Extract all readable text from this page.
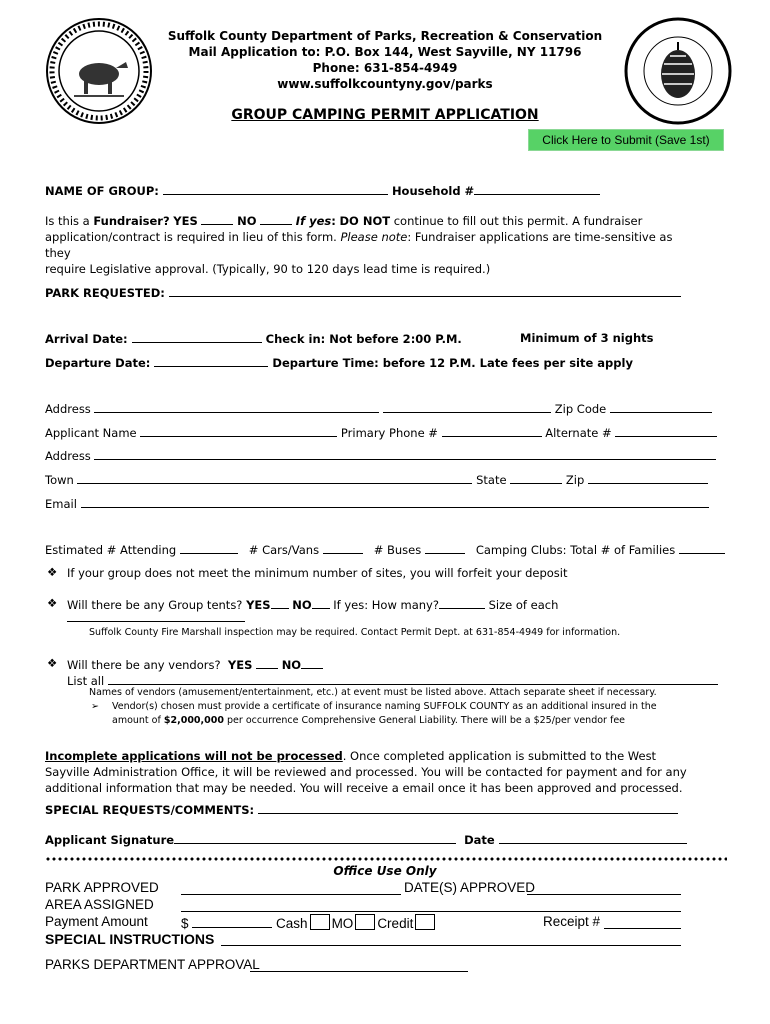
Suffolk County Department of Parks, Recreation & Conservation
Mail Application to: P.O. Box 144, West Sayville, NY 11796
Phone: 631-854-4949
www.suffolkcountyny.gov/parks
GROUP CAMPING PERMIT APPLICATION
Click Here to Submit (Save 1st)
NAME OF GROUP:	Household #
Is this a Fundraiser? YES	NO	If yes: DO NOT continue to fill out this permit. A fundraiser
application/contract is required in lieu of this form. Please note: Fundraiser applications are time-sensitive as they
require Legislative approval. (Typically, 90 to 120 days lead time is required.)
PARK REQUESTED:
Arrival Date:	Check in: Not before 2:00 P.M.	Minimum of 3 nights
Departure Date:	Departure Time: before 12 P.M. Late fees per site apply
Address	Zip Code
Applicant Name	Primary Phone #	Alternate #
Address
Town	State	Zip
Email
Estimated # Attending	# Cars/Vans	# Buses	Camping Clubs: Total # of Families
❖ If your group does not meet the minimum number of sites, you will forfeit your deposit
❖ Will there be any Group tents? YES NO If yes: How many?	Size of each
Suffolk County Fire Marshall inspection may be required. Contact Permit Dept. at 631-854-4949 for information.
❖ Will there be any vendors? YES	NO
List all
Names of vendors (amusement/entertainment, etc.) at event must be listed above. Attach separate sheet if necessary.
➢ Vendor(s) chosen must provide a certificate of insurance naming SUFFOLK COUNTY as an additional insured in the
amount of $2,000,000 per occurrence Comprehensive General Liability. There will be a $25/per vendor fee
Incomplete applications will not be processed. Once completed application is submitted to the West
Sayville Administration Office, it will be reviewed and processed. You will be contacted for payment and for any
additional information that may be needed. You will receive a email once it has been approved and processed.
SPECIAL REQUESTS/COMMENTS:
Applicant Signature	Date
Office Use Only
PARK APPROVED	DATE(S) APPROVED
AREA ASSIGNED
Payment Amount $	Cash MO Credit	Receipt #
SPECIAL INSTRUCTIONS
PARKS DEPARTMENT APPROVAL
